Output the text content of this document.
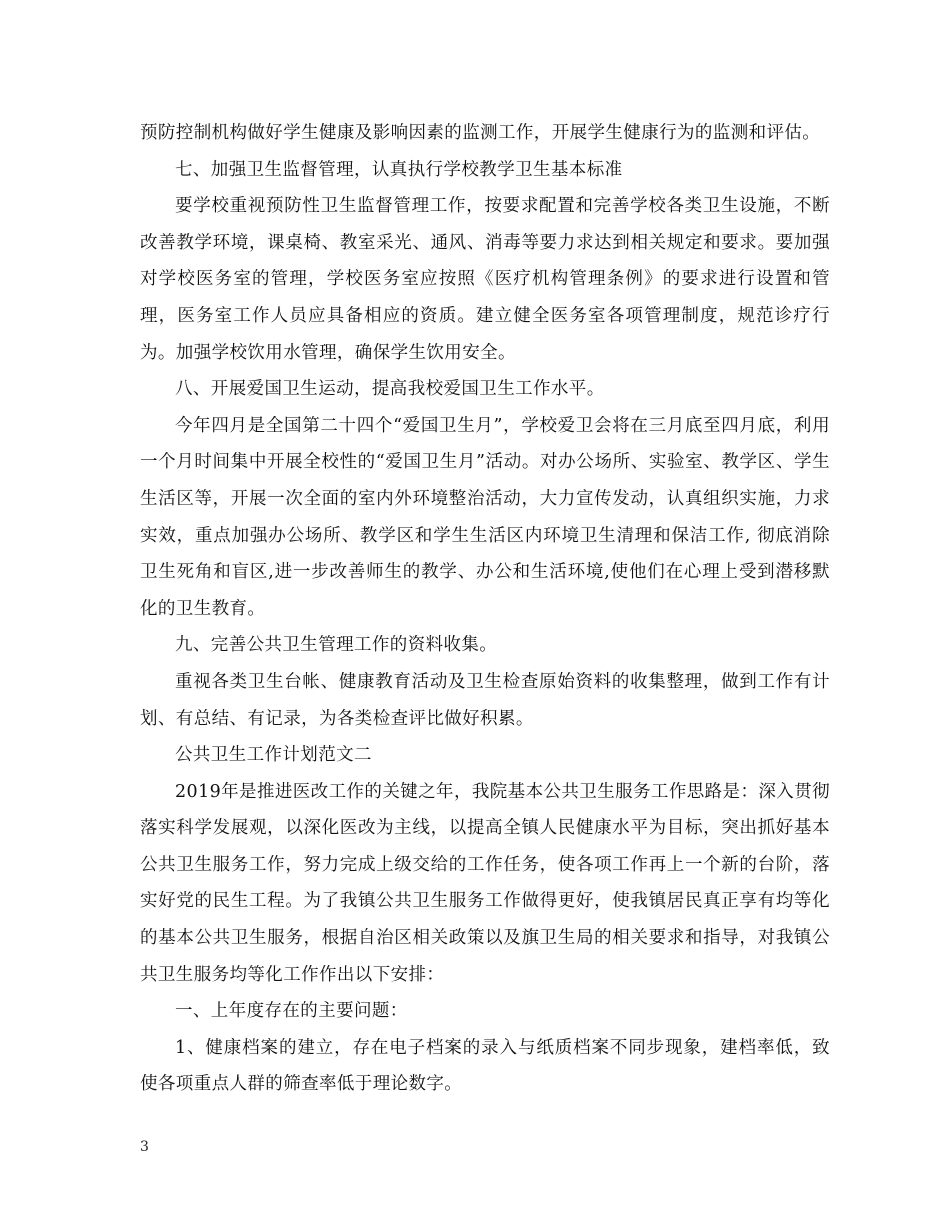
预防控制机构做好学生健康及影响因素的监测工作，开展学生健康行为的监测和评估。

七、加强卫生监督管理，认真执行学校教学卫生基本标准

要学校重视预防性卫生监督管理工作，按要求配置和完善学校各类卫生设施，不断改善教学环境，课桌椅、教室采光、通风、消毒等要力求达到相关规定和要求。要加强对学校医务室的管理，学校医务室应按照《医疗机构管理条例》的要求进行设置和管理，医务室工作人员应具备相应的资质。建立健全医务室各项管理制度，规范诊疗行为。加强学校饮用水管理，确保学生饮用安全。

八、开展爱国卫生运动，提高我校爱国卫生工作水平。

今年四月是全国第二十四个“爱国卫生月”，学校爱卫会将在三月底至四月底，利用一个月时间集中开展全校性的“爱国卫生月”活动。对办公场所、实验室、教学区、学生生活区等，开展一次全面的室内外环境整治活动，大力宣传发动，认真组织实施，力求实效，重点加强办公场所、教学区和学生生活区内环境卫生清理和保洁工作, 彻底消除卫生死角和盲区,进一步改善师生的教学、办公和生活环境,使他们在心理上受到潜移默化的卫生教育。

九、完善公共卫生管理工作的资料收集。

重视各类卫生台帐、健康教育活动及卫生检查原始资料的收集整理，做到工作有计划、有总结、有记录，为各类检查评比做好积累。

公共卫生工作计划范文二

2019年是推进医改工作的关键之年，我院基本公共卫生服务工作思路是：深入贯彻落实科学发展观，以深化医改为主线，以提高全镇人民健康水平为目标，突出抓好基本公共卫生服务工作，努力完成上级交给的工作任务，使各项工作再上一个新的台阶，落实好党的民生工程。为了我镇公共卫生服务工作做得更好，使我镇居民真正享有均等化的基本公共卫生服务，根据自治区相关政策以及旗卫生局的相关要求和指导，对我镇公共卫生服务均等化工作作出以下安排：

一、上年度存在的主要问题：

1、健康档案的建立，存在电子档案的录入与纸质档案不同步现象，建档率低，致使各项重点人群的筛查率低于理论数字。

3
